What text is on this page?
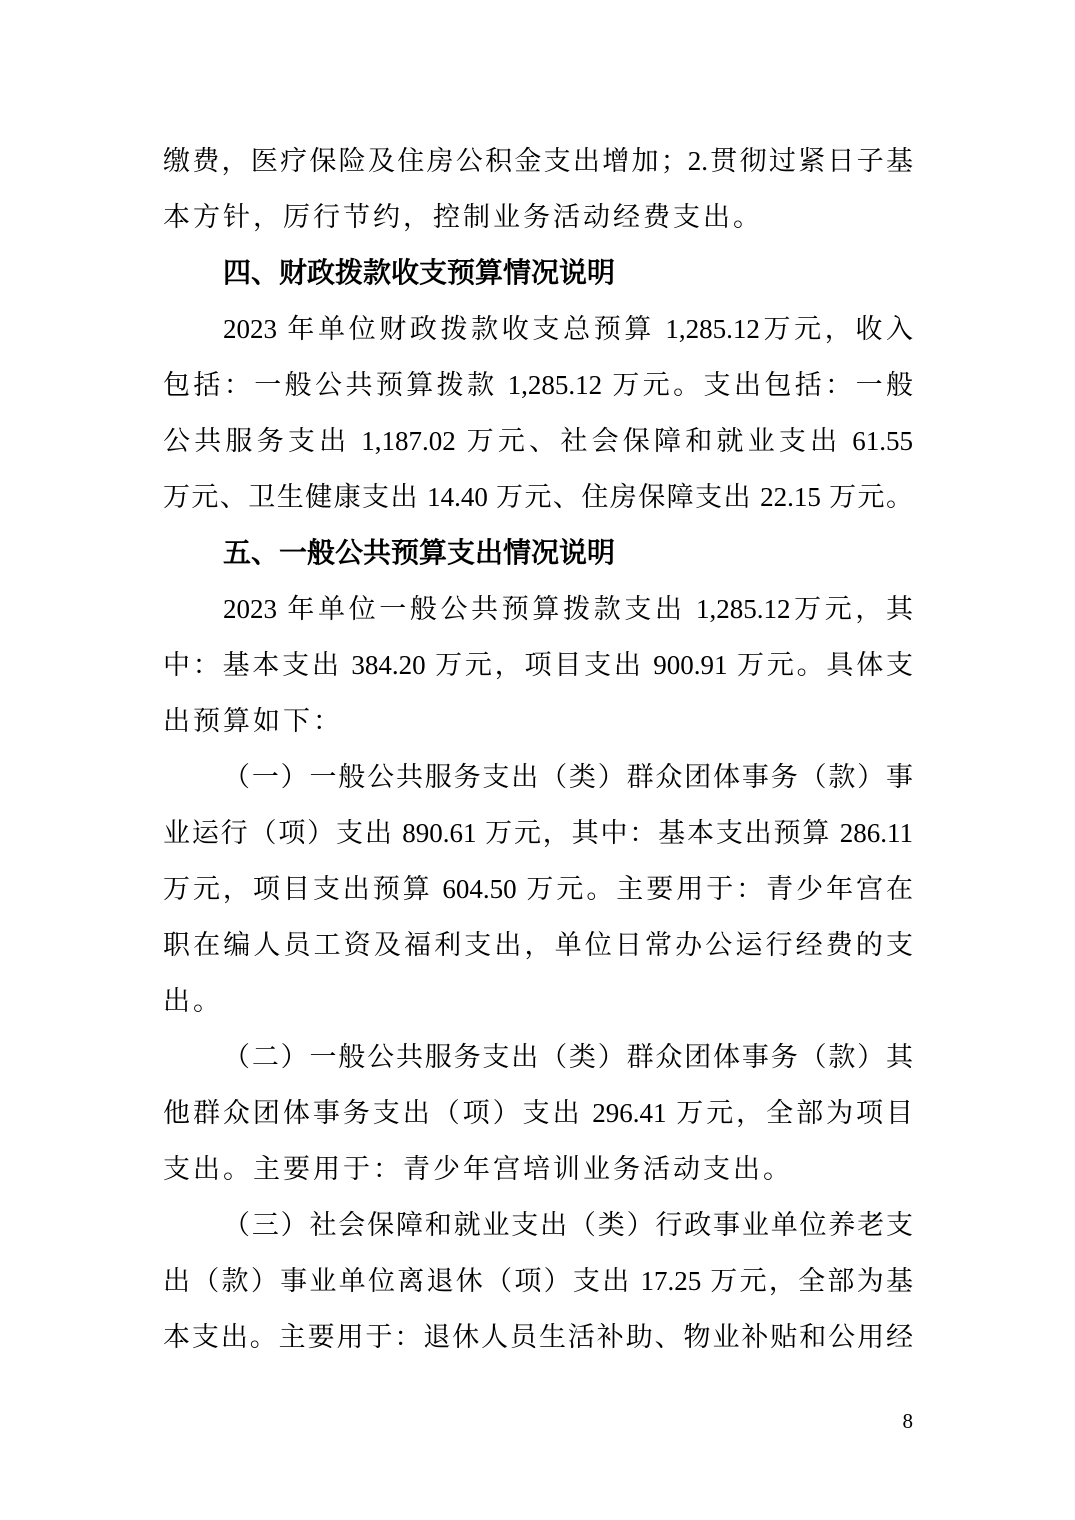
缴费，医疗保险及住房公积金支出增加；2.贯彻过紧日子基
本方针，厉行节约，控制业务活动经费支出。
四、财政拨款收支预算情况说明
2023 年单位财政拨款收支总预算 1,285.12万元，收入
包括：一般公共预算拨款 1,285.12 万元。支出包括：一般
公共服务支出 1,187.02 万元、社会保障和就业支出 61.55
万元、卫生健康支出 14.40 万元、住房保障支出 22.15 万元。
五、一般公共预算支出情况说明
2023 年单位一般公共预算拨款支出 1,285.12万元，其
中：基本支出 384.20 万元，项目支出 900.91 万元。具体支
出预算如下：
（一）一般公共服务支出（类）群众团体事务（款）事
业运行（项）支出 890.61 万元，其中：基本支出预算 286.11
万元，项目支出预算 604.50 万元。主要用于：青少年宫在
职在编人员工资及福利支出，单位日常办公运行经费的支
出。
（二）一般公共服务支出（类）群众团体事务（款）其
他群众团体事务支出（项）支出 296.41 万元，全部为项目
支出。主要用于：青少年宫培训业务活动支出。
（三）社会保障和就业支出（类）行政事业单位养老支
出（款）事业单位离退休（项）支出 17.25 万元，全部为基
本支出。主要用于：退休人员生活补助、物业补贴和公用经
8
